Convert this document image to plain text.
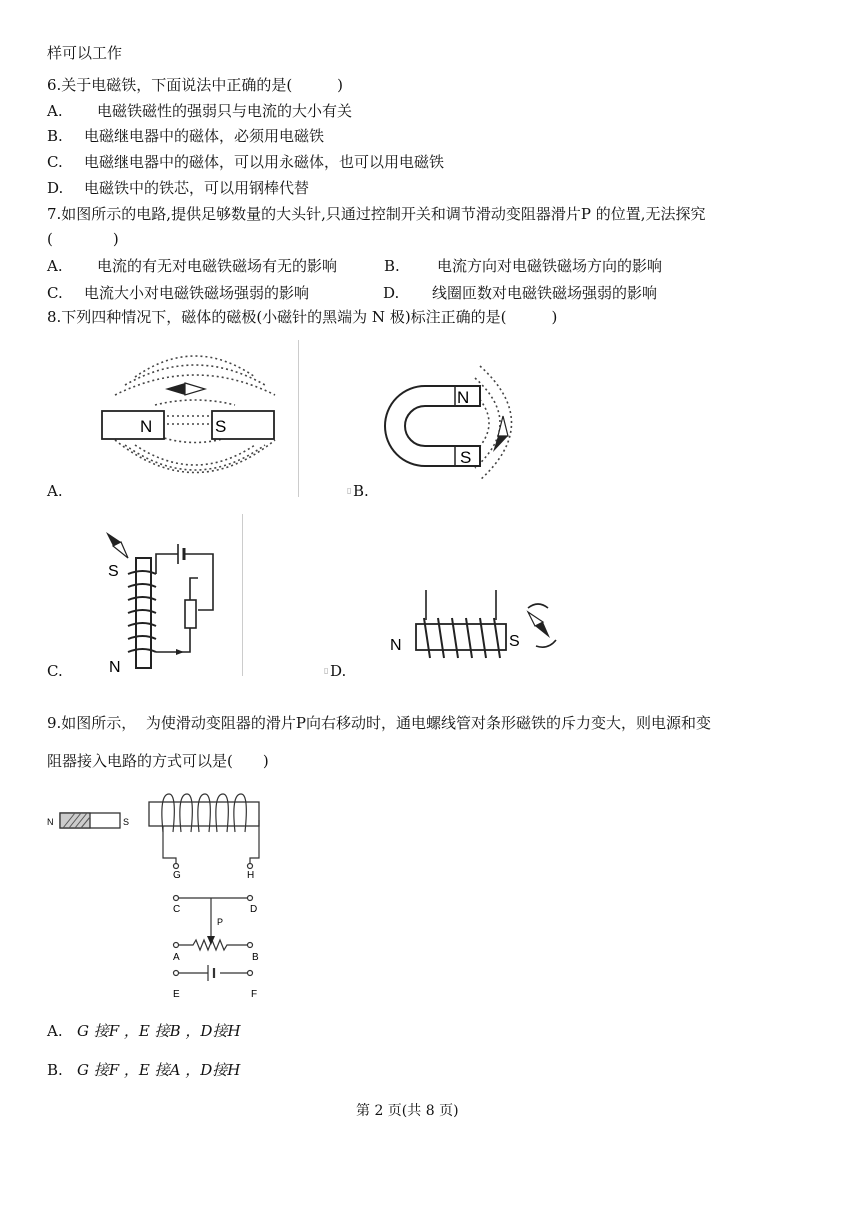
样可以工作
6.关于电磁铁，下面说法中正确的是(　　　)
A. 电磁铁磁性的强弱只与电流的大小有关
B. 电磁继电器中的磁体，必须用电磁铁
C. 电磁继电器中的磁体，可以用永磁体，也可以用电磁铁
D. 电磁铁中的铁芯，可以用钢棒代替
7.如图所示的电路,提供足够数量的大头针,只通过控制开关和调节滑动变阻器滑片P 的位置,无法探究
(　　　　)
A. 电流的有无对电磁铁磁场有无的影响	B. 电流方向对电磁铁磁场方向的影响
C. 电流大小对电磁铁磁场强弱的影响	D. 线圈匝数对电磁铁磁场强弱的影响
8.下列四种情况下，磁体的磁极(小磁针的黑端为 N 极)标注正确的是(　　　)
N	S
A.
N
S
▯ B.
S
N
C.
N	S
▯ D.
9.如图所示，  为使滑动变阻器的滑片P向右移动时，通电螺线管对条形磁铁的斥力变大，则电源和变
阻器接入电路的方式可以是(　　)
N	S
G	H
C	D
P
A	B
E	F
A. G 接F ，E 接B ，D接H
B. G 接F ，E 接A ，D接H
第 2 页(共 8 页)
